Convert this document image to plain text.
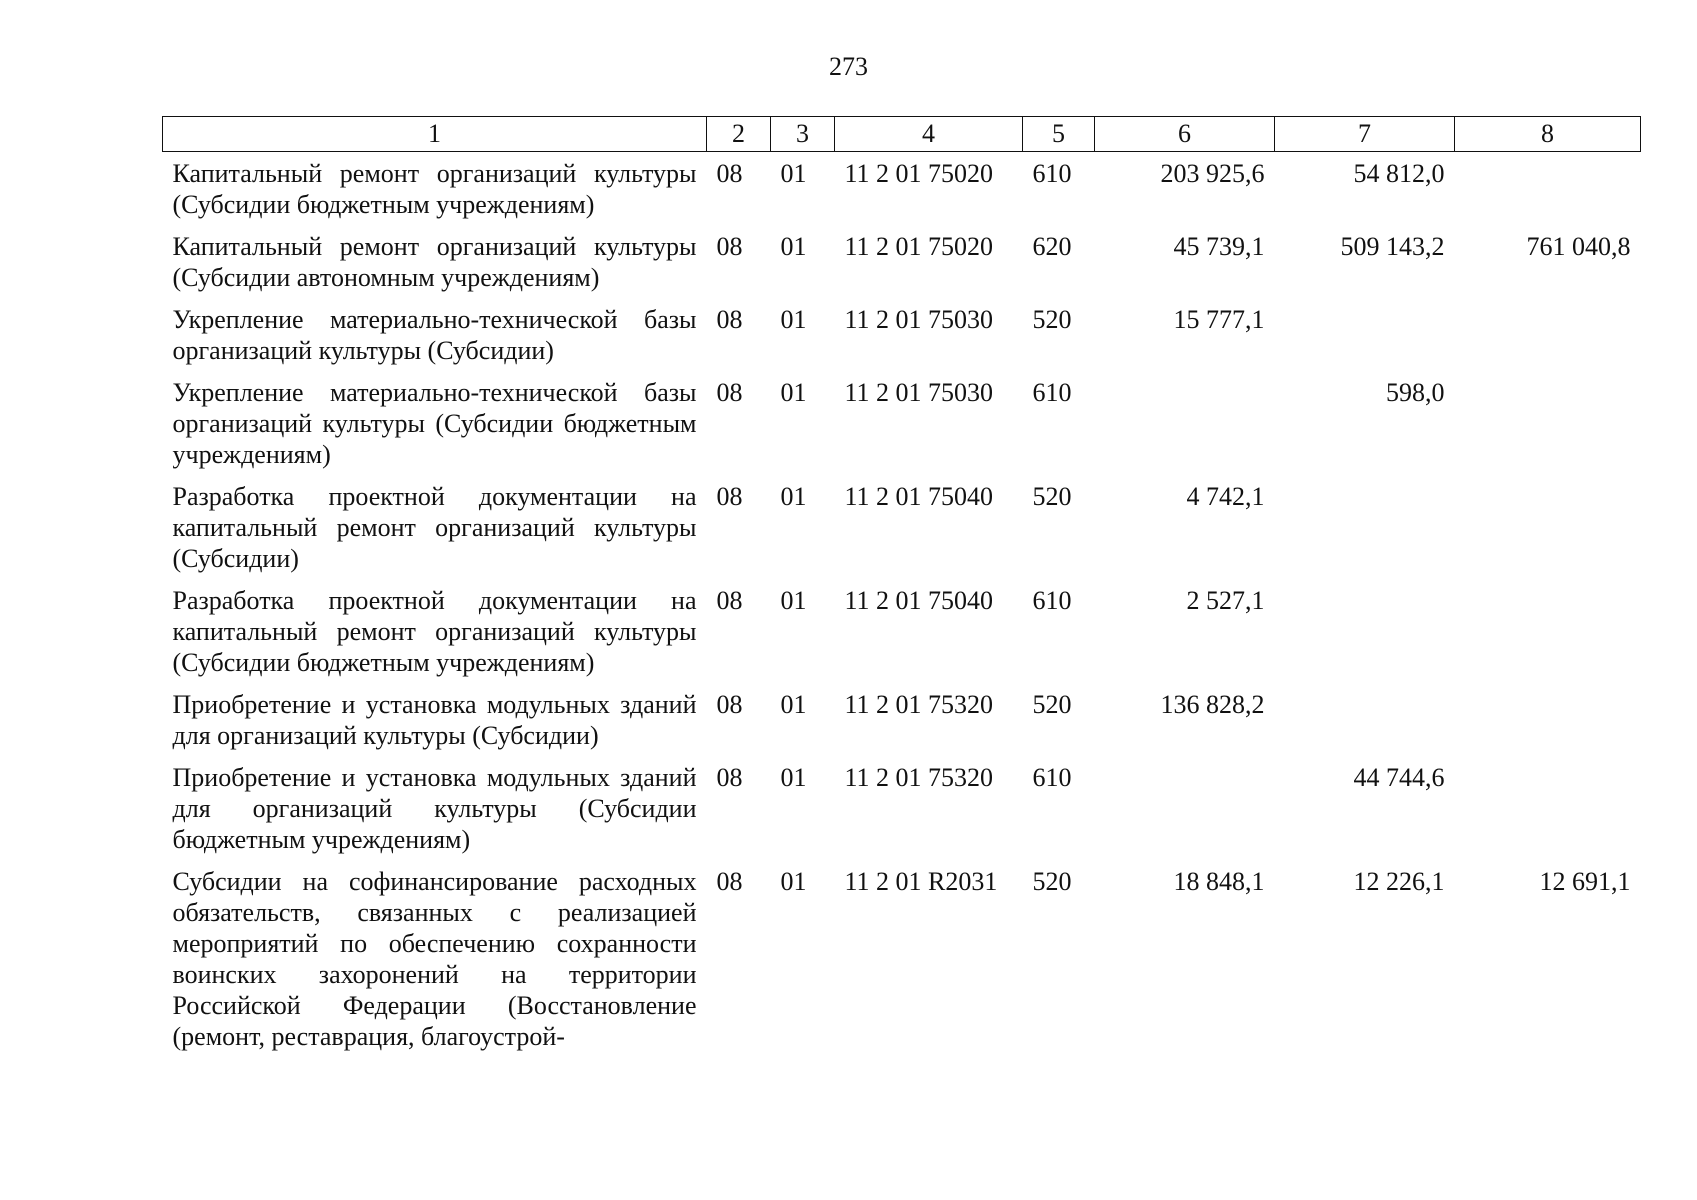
273
1	2	3	4	5	6	7	8
Капитальный ремонт организаций культуры (Субсидии бюджетным учреждениям)	08	01	11 2 01 75020	610	203 925,6	54 812,0	
Капитальный ремонт организаций культуры (Субсидии автономным учреждениям)	08	01	11 2 01 75020	620	45 739,1	509 143,2	761 040,8
Укрепление материально-технической базы организаций культуры (Субсидии)	08	01	11 2 01 75030	520	15 777,1		
Укрепление материально-технической базы организаций культуры (Субсидии бюджетным учреждениям)	08	01	11 2 01 75030	610		598,0	
Разработка проектной документации на капитальный ремонт организаций культуры (Субсидии)	08	01	11 2 01 75040	520	4 742,1		
Разработка проектной документации на капитальный ремонт организаций культуры (Субсидии бюджетным учреждениям)	08	01	11 2 01 75040	610	2 527,1		
Приобретение и установка модульных зданий для организаций культуры (Субсидии)	08	01	11 2 01 75320	520	136 828,2		
Приобретение и установка модульных зданий для организаций культуры (Субсидии бюджетным учреждениям)	08	01	11 2 01 75320	610		44 744,6	
Субсидии на софинансирование расходных обязательств, связанных с реализацией мероприятий по обеспечению сохранности воинских захоронений на территории Российской Федерации (Восстановление (ремонт, реставрация, благоустрой-	08	01	11 2 01 R2031	520	18 848,1	12 226,1	12 691,1
